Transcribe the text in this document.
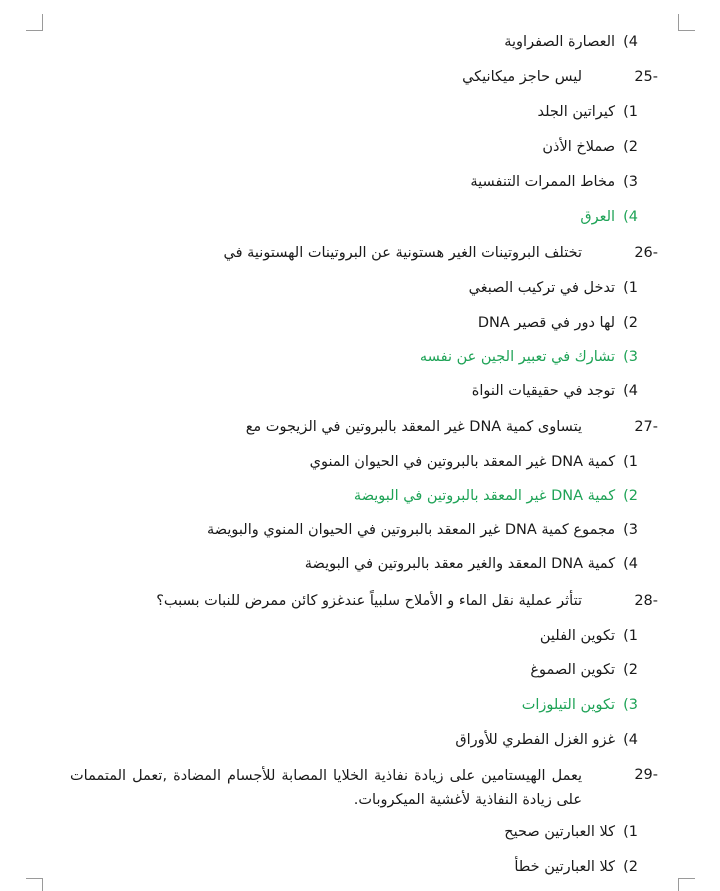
4)العصارة الصفراوية
-25
ليس حاجز ميكانيكي
1)كيراتين الجلد
2)صملاخ الأذن
3)مخاط الممرات التنفسية
4)العرق
-26
تختلف البروتينات الغير هستونية عن البروتينات الهستونية في
1)تدخل في تركيب الصبغي
2)لها دور في قصير DNA
3)تشارك في تعبير الجين عن نفسه
4)توجد في حقيقيات النواة
-27
يتساوى كمية DNA غير المعقد بالبروتين في الزيجوت مع
1)كمية DNA غير المعقد بالبروتين في الحيوان المنوي
2)كمية DNA غير المعقد بالبروتين في البويضة
3)مجموع كمية DNA غير المعقد بالبروتين في الحيوان المنوي والبويضة
4)كمية DNA المعقد والغير معقد بالبروتين في البويضة
-28
تتأثر عملية نقل الماء و الأملاح سلبياً عندغزو كائن ممرض للنبات بسبب؟
1)تكوين الفلين
2)تكوين الصموغ
3)تكوين التيلوزات
4)غزو الغزل الفطري للأوراق
-29
يعمل الهيستامين على زيادة نفاذية الخلايا المصابة للأجسام المضادة ,تعمل المتممات على زيادة النفاذية لأغشية الميكروبات.
1)كلا العبارتين صحيح
2)كلا العبارتين خطأ
